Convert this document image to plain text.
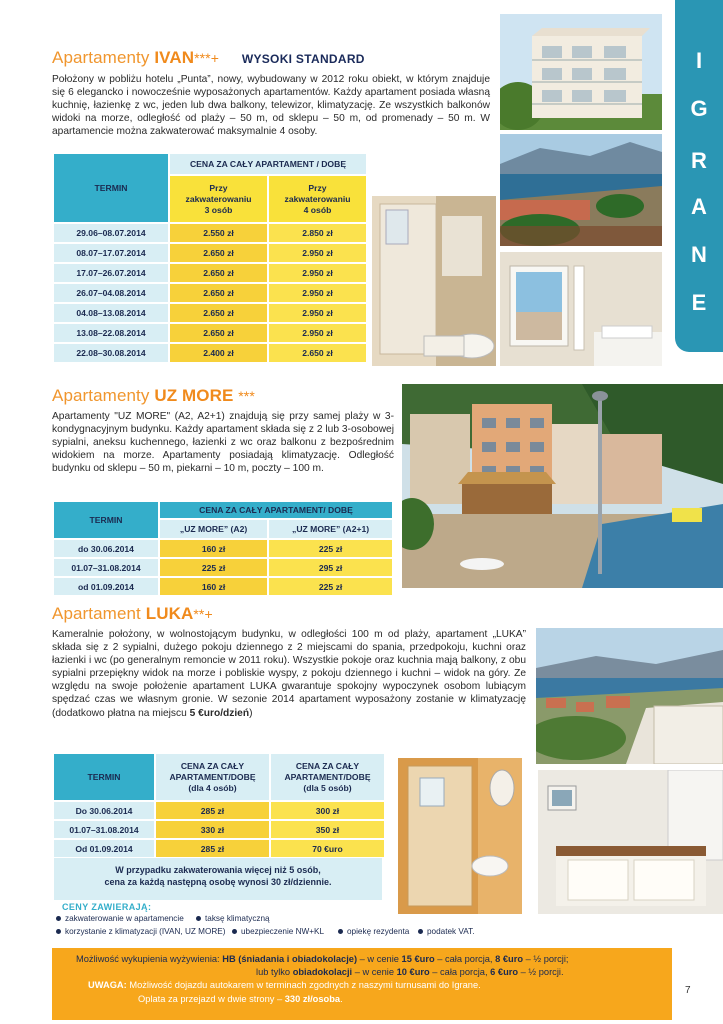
I
G
R
A
N
E
Apartamenty IVAN***+ WYSOKI STANDARD

Położony w pobliżu hotelu „Punta”, nowy, wybudowany w 2012 roku obiekt, w którym znajduje się 6 elegancko i nowocześnie wyposażonych apartamentów. Każdy apartament posiada własną kuchnię, łazienkę z wc, jeden lub dwa balkony, telewizor, klimatyzację. Ze wszystkich balkonów widoki na morze, odległość od plaży – 50 m, od sklepu – 50 m, od promenady – 50 m. W apartamencie można zakwaterować maksymalnie 4 osoby.

TERMIN	CENA ZA CAŁY APARTAMENT / DOBĘ	
	Przy
zakwaterowaniu
3 osób	Przy
zakwaterowaniu
4 osób
29.06–08.07.2014	2.550 zł	2.850 zł
08.07–17.07.2014	2.650 zł	2.950 zł
17.07–26.07.2014	2.650 zł	2.950 zł
26.07–04.08.2014	2.650 zł	2.950 zł
04.08–13.08.2014	2.650 zł	2.950 zł
13.08–22.08.2014	2.650 zł	2.950 zł
22.08–30.08.2014	2.400 zł	2.650 zł
Apartamenty UZ MORE ***

Apartamenty "UZ MORE" (A2, A2+1) znajdują się przy samej plaży w 3-kondygnacyjnym budynku. Każdy apartament składa się z 2 lub 3-osobowej sypialni, aneksu kuchennego, łazienki z wc oraz balkonu z bezpośrednim widokiem na morze. Apartamenty posiadają klimatyzację. Odległość budynku od sklepu – 50 m, piekarni – 10 m, poczty – 100 m.

TERMIN	CENA ZA CAŁY APARTAMENT/ DOBĘ	
	„UZ MORE” (A2)	„UZ MORE” (A2+1)
do 30.06.2014	160 zł	225 zł
01.07–31.08.2014	225 zł	295 zł
od 01.09.2014	160 zł	225 zł
Apartament LUKA**+

Kameralnie położony, w wolnostojącym budynku, w odległości 100 m od plaży, apartament „LUKA” składa się z 2 sypialni, dużego pokoju dziennego z 2 miejscami do spania, przedpokoju, kuchni oraz łazienki i wc (po generalnym remoncie w 2011 roku). Wszystkie pokoje oraz kuchnia mają balkony, z obu sypialni przepiękny widok na morze i pobliskie wyspy, z pokoju dziennego i kuchni – widok na góry. Ze względu na swoje położenie apartament LUKA gwarantuje spokojny wypoczynek osobom lubiącym spędzać czas we własnym gronie. W sezonie 2014 apartament wyposażony zostanie w klimatyzację (dodatkowo płatna na miejscu 5 €uro/dzień)

TERMIN	CENA ZA CAŁY
APARTAMENT/DOBĘ
(dla 4 osób)	CENA ZA CAŁY
APARTAMENT/DOBĘ
(dla 5 osób)
Do 30.06.2014	285 zł	300 zł
01.07–31.08.2014	330 zł	350 zł
Od 01.09.2014	285 zł	70 €uro
W przypadku zakwaterowania więcej niż 5 osób,
cena za każdą następną osobę wynosi 30 zł/dziennie.
CENY ZAWIERAJĄ:
zakwaterowanie w apartamencie	taksę klimatyczną
korzystanie z klimatyzacji (IVAN, UZ MORE)	ubezpieczenie NW+KL	opiekę rezydenta	podatek VAT.
Możliwość wykupienia wyżywienia: HB (śniadania i obiadokolacje) – w cenie 15 €uro – cała porcja, 8 €uro – ½ porcji;
lub tylko obiadokolacji – w cenie 10 €uro – cała porcja, 6 €uro – ½ porcji.
UWAGA: Możliwość dojazdu autokarem w terminach zgodnych z naszymi turnusami do Igrane.
Oplata za przejazd w dwie strony – 330 zł/osoba.
7
